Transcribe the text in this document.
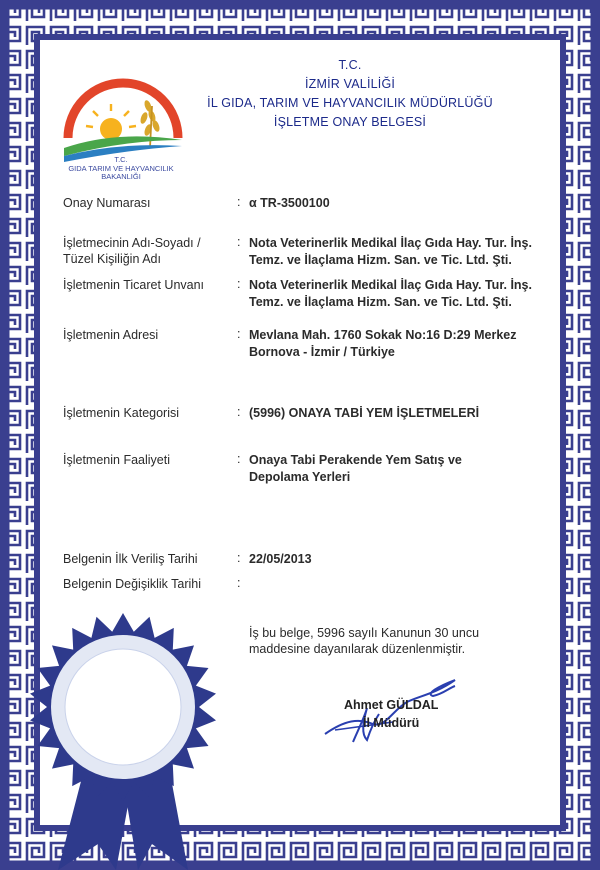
T.C.
GIDA TARIM VE HAYVANCILIK
BAKANLIĞI
T.C.
İZMİR VALİLİĞİ
İL GIDA, TARIM VE HAYVANCILIK MÜDÜRLÜĞÜ
İŞLETME ONAY BELGESİ
Onay Numarası	: α TR-3500100
İşletmecinin Adı-Soyadı /
Tüzel Kişiliğin Adı
: Nota Veterinerlik Medikal İlaç Gıda Hay. Tur. İnş.
Temz. ve İlaçlama Hizm. San. ve Tic. Ltd. Şti.
İşletmenin Ticaret Unvanı	: Nota Veterinerlik Medikal İlaç Gıda Hay. Tur. İnş.
Temz. ve İlaçlama Hizm. San. ve Tic. Ltd. Şti.
İşletmenin Adresi	: Mevlana Mah. 1760 Sokak No:16 D:29 Merkez
Bornova - İzmir / Türkiye
İşletmenin Kategorisi	: (5996) ONAYA TABİ YEM İŞLETMELERİ
İşletmenin Faaliyeti	: Onaya Tabi Perakende Yem Satış ve
Depolama Yerleri
Belgenin İlk Veriliş Tarihi	: 22/05/2013
Belgenin Değişiklik Tarihi	:
İş bu belge, 5996 sayılı Kanunun 30 uncu
maddesine dayanılarak düzenlenmiştir.
Ahmet GÜLDAL
İl Müdürü
